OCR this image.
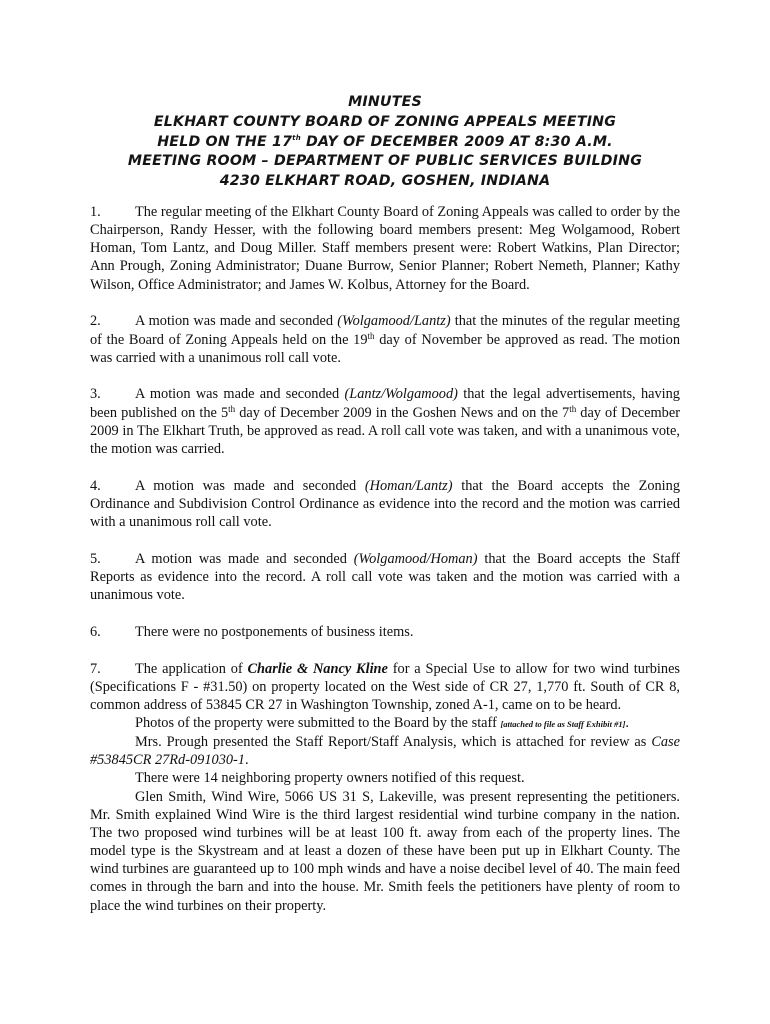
MINUTES
ELKHART COUNTY BOARD OF ZONING APPEALS MEETING
HELD ON THE 17th DAY OF DECEMBER 2009 AT 8:30 A.M.
MEETING ROOM – DEPARTMENT OF PUBLIC SERVICES BUILDING
4230 ELKHART ROAD, GOSHEN, INDIANA

1. The regular meeting of the Elkhart County Board of Zoning Appeals was called to order by the Chairperson, Randy Hesser, with the following board members present: Meg Wolgamood, Robert Homan, Tom Lantz, and Doug Miller. Staff members present were: Robert Watkins, Plan Director; Ann Prough, Zoning Administrator; Duane Burrow, Senior Planner; Robert Nemeth, Planner; Kathy Wilson, Office Administrator; and James W. Kolbus, Attorney for the Board.

2. A motion was made and seconded (Wolgamood/Lantz) that the minutes of the regular meeting of the Board of Zoning Appeals held on the 19th day of November be approved as read. The motion was carried with a unanimous roll call vote.

3. A motion was made and seconded (Lantz/Wolgamood) that the legal advertisements, having been published on the 5th day of December 2009 in the Goshen News and on the 7th day of December 2009 in The Elkhart Truth, be approved as read. A roll call vote was taken, and with a unanimous vote, the motion was carried.

4. A motion was made and seconded (Homan/Lantz) that the Board accepts the Zoning Ordinance and Subdivision Control Ordinance as evidence into the record and the motion was carried with a unanimous roll call vote.

5. A motion was made and seconded (Wolgamood/Homan) that the Board accepts the Staff Reports as evidence into the record. A roll call vote was taken and the motion was carried with a unanimous vote.

6. There were no postponements of business items.

7. The application of Charlie & Nancy Kline for a Special Use to allow for two wind turbines (Specifications F - #31.50) on property located on the West side of CR 27, 1,770 ft. South of CR 8, common address of 53845 CR 27 in Washington Township, zoned A-1, came on to be heard.

Photos of the property were submitted to the Board by the staff [attached to file as Staff Exhibit #1].

Mrs. Prough presented the Staff Report/Staff Analysis, which is attached for review as Case #53845CR 27Rd-091030-1.

There were 14 neighboring property owners notified of this request.

Glen Smith, Wind Wire, 5066 US 31 S, Lakeville, was present representing the petitioners. Mr. Smith explained Wind Wire is the third largest residential wind turbine company in the nation. The two proposed wind turbines will be at least 100 ft. away from each of the property lines. The model type is the Skystream and at least a dozen of these have been put up in Elkhart County. The wind turbines are guaranteed up to 100 mph winds and have a noise decibel level of 40. The main feed comes in through the barn and into the house. Mr. Smith feels the petitioners have plenty of room to place the wind turbines on their property.
